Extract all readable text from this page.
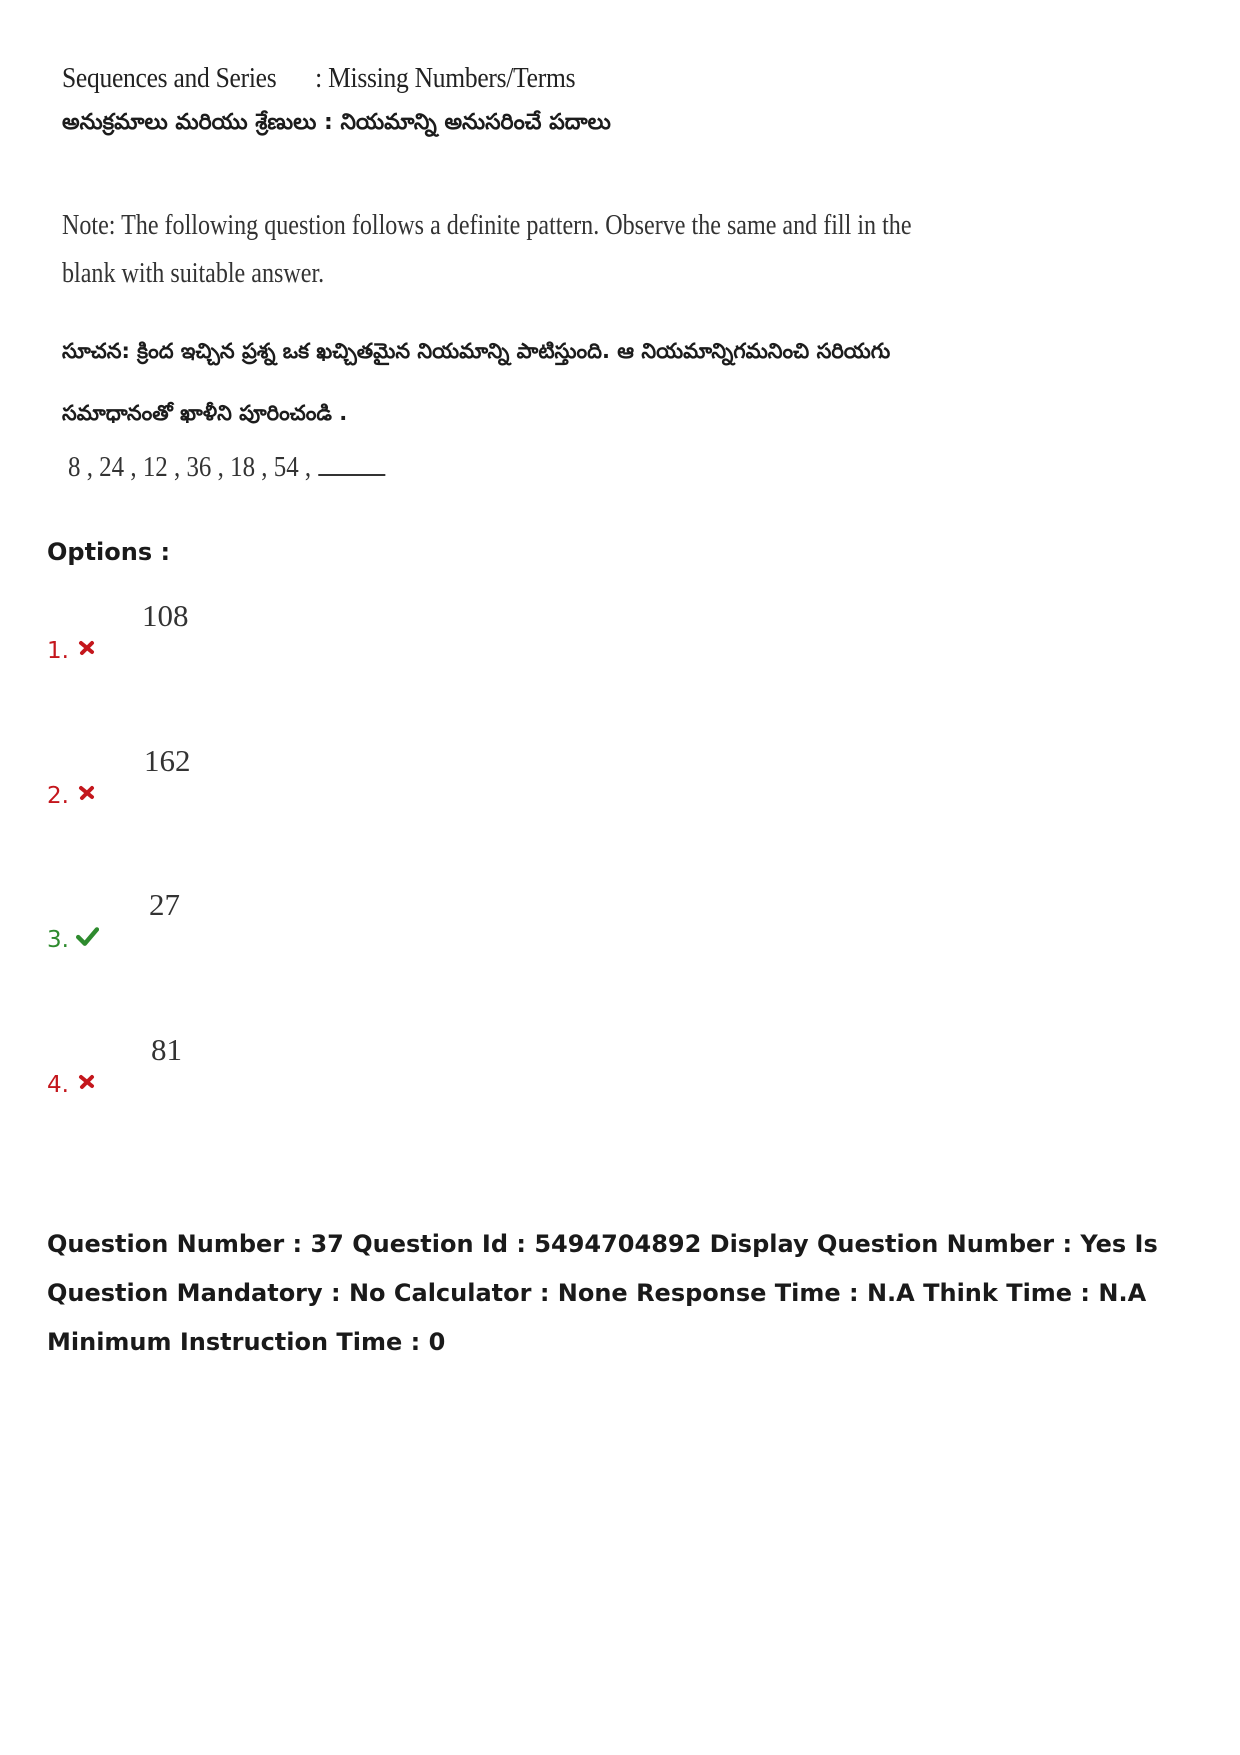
Sequences and Series : Missing Numbers/Terms
అనుక్రమాలు మరియు శ్రేణులు : నియమాన్ని అనుసరించే పదాలు
Note: The following question follows a definite pattern. Observe the same and fill in the blank with suitable answer.
సూచన: క్రింద ఇచ్చిన ప్రశ్న ఒక ఖచ్చితమైన నియమాన్ని పాటిస్తుంది. ఆ నియమాన్నిగమనించి సరియగు సమాధానంతో ఖాళీని పూరించండి .
8 , 24 , 12 , 36 , 18 , 54 ,
Options :
1.
108
2.
162
3.
27
4.
81
Question Number : 37 Question Id : 5494704892 Display Question Number : Yes Is Question Mandatory : No Calculator : None Response Time : N.A Think Time : N.A Minimum Instruction Time : 0
